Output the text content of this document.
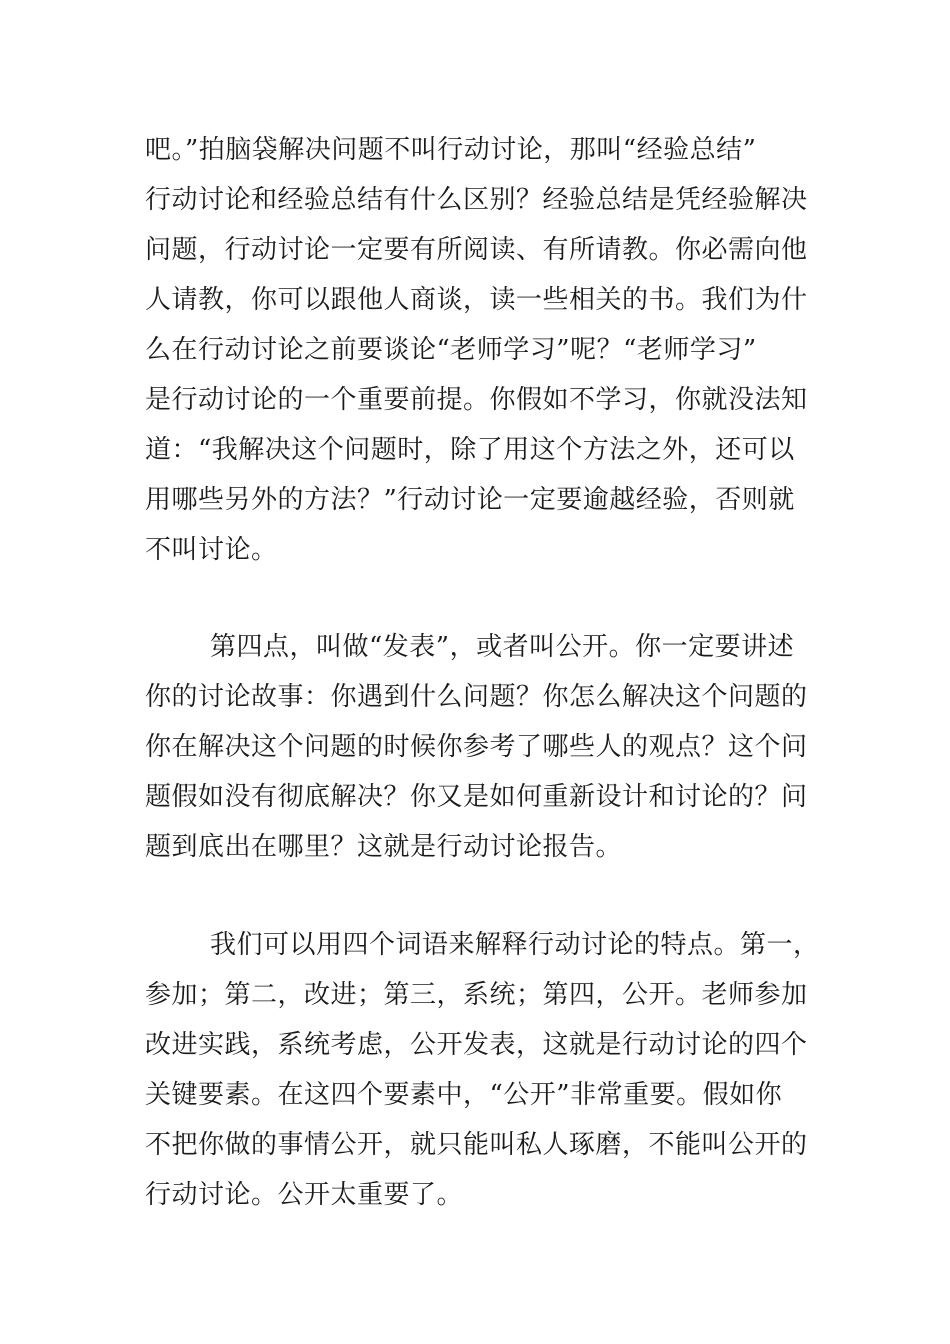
吧。”拍脑袋解决问题不叫行动讨论，那叫“经验总结”
行动讨论和经验总结有什么区别？经验总结是凭经验解决
问题，行动讨论一定要有所阅读、有所请教。你必需向他
人请教，你可以跟他人商谈，读一些相关的书。我们为什
么在行动讨论之前要谈论“老师学习”呢？“老师学习”
是行动讨论的一个重要前提。你假如不学习，你就没法知
道：“我解决这个问题时，除了用这个方法之外，还可以
用哪些另外的方法？”行动讨论一定要逾越经验，否则就
不叫讨论。
第四点，叫做“发表”，或者叫公开。你一定要讲述
你的讨论故事：你遇到什么问题？你怎么解决这个问题的
你在解决这个问题的时候你参考了哪些人的观点？这个问
题假如没有彻底解决？你又是如何重新设计和讨论的？问
题到底出在哪里？这就是行动讨论报告。
我们可以用四个词语来解释行动讨论的特点。第一，
参加；第二，改进；第三，系统；第四，公开。老师参加
改进实践，系统考虑，公开发表，这就是行动讨论的四个
关键要素。在这四个要素中，“公开”非常重要。假如你
不把你做的事情公开，就只能叫私人琢磨，不能叫公开的
行动讨论。公开太重要了。
